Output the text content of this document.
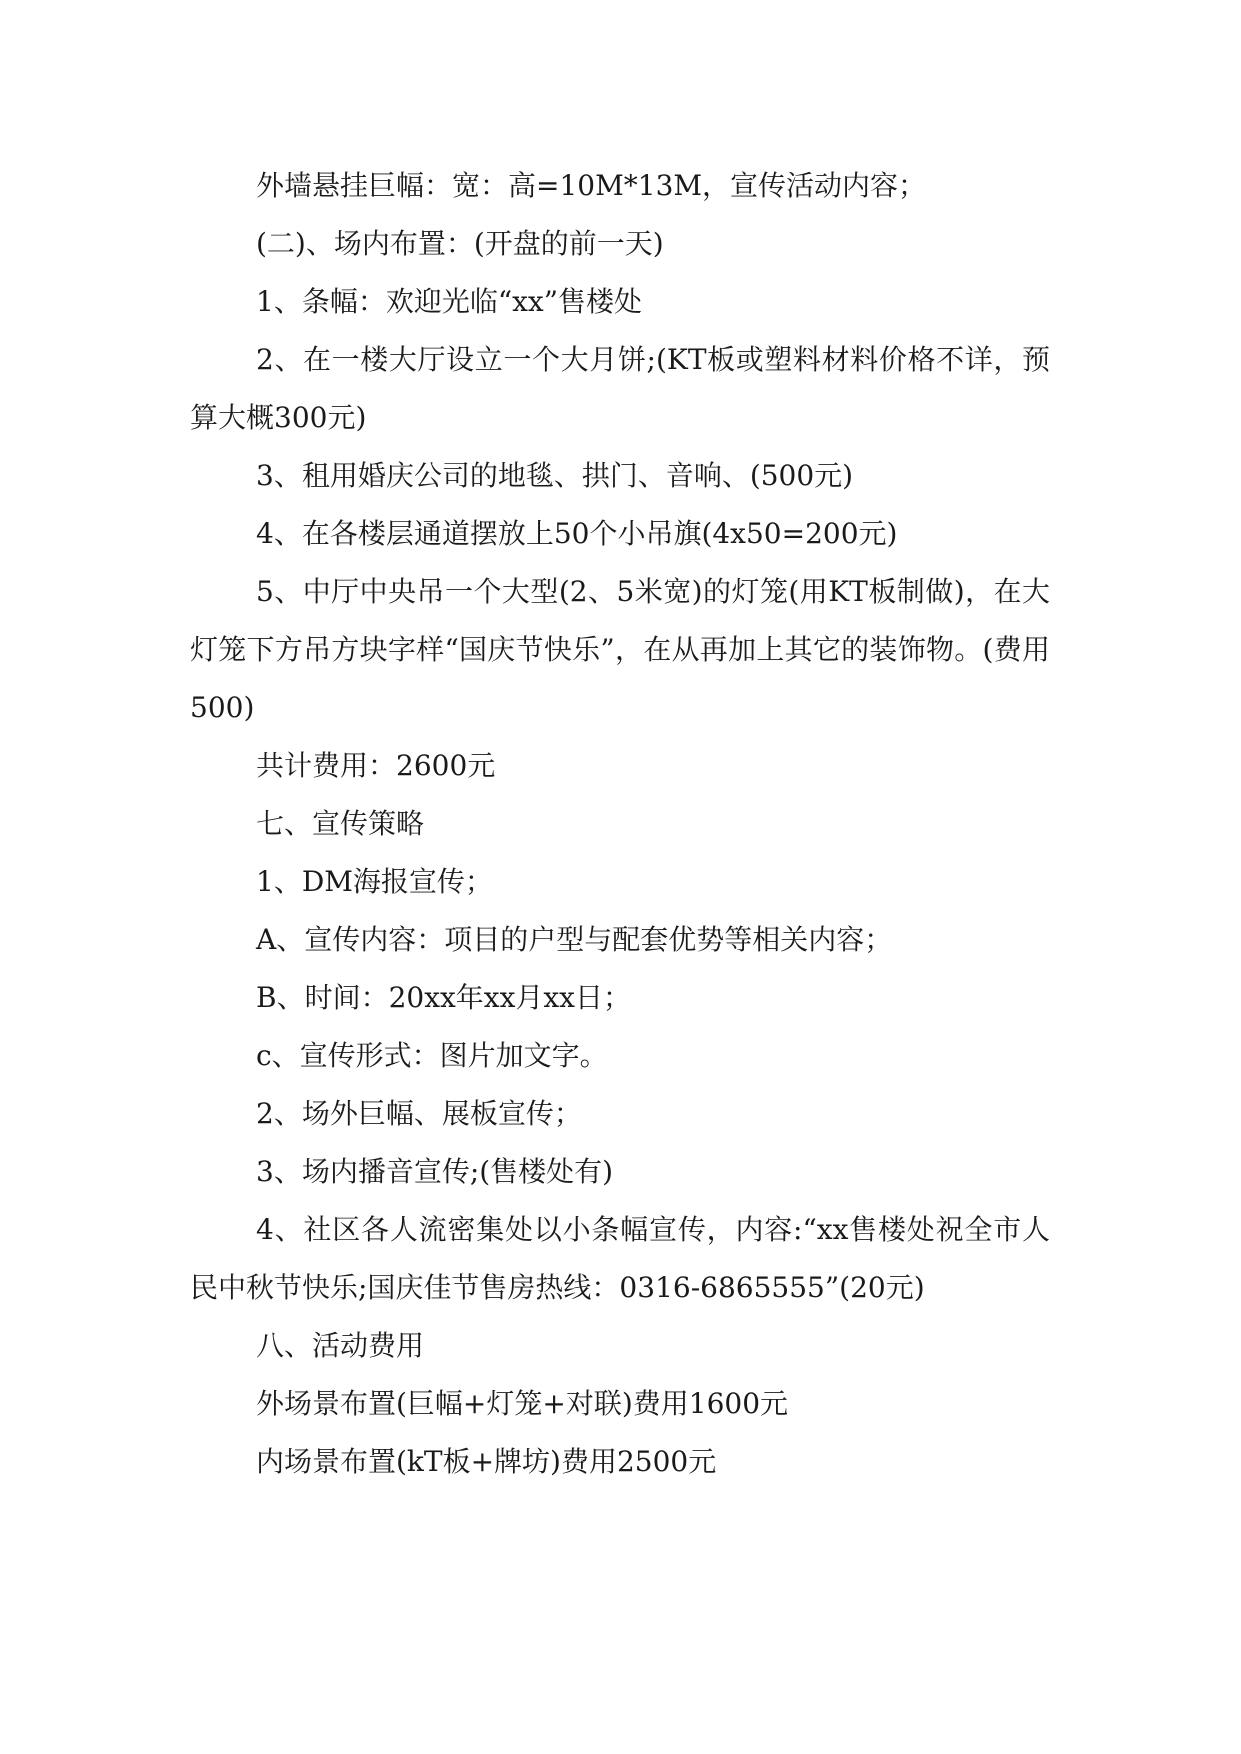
外墙悬挂巨幅：宽：高=10M*13M，宣传活动内容；

(二)、场内布置：(开盘的前一天)

1、条幅：欢迎光临“xx”售楼处

2、在一楼大厅设立一个大月饼;(KT板或塑料材料价格不详，预算大概300元)

3、租用婚庆公司的地毯、拱门、音响、(500元)

4、在各楼层通道摆放上50个小吊旗(4x50=200元)

5、中厅中央吊一个大型(2、5米宽)的灯笼(用KT板制做)，在大灯笼下方吊方块字样“国庆节快乐”，在从再加上其它的装饰物。(费用500)

共计费用：2600元

七、宣传策略

1、DM海报宣传；

A、宣传内容：项目的户型与配套优势等相关内容；

B、时间：20xx年xx月xx日；

c、宣传形式：图片加文字。

2、场外巨幅、展板宣传；

3、场内播音宣传;(售楼处有)

4、社区各人流密集处以小条幅宣传，内容:“xx售楼处祝全市人民中秋节快乐;国庆佳节售房热线：0316-6865555”(20元)

八、活动费用

外场景布置(巨幅+灯笼+对联)费用1600元

内场景布置(kT板+牌坊)费用2500元
